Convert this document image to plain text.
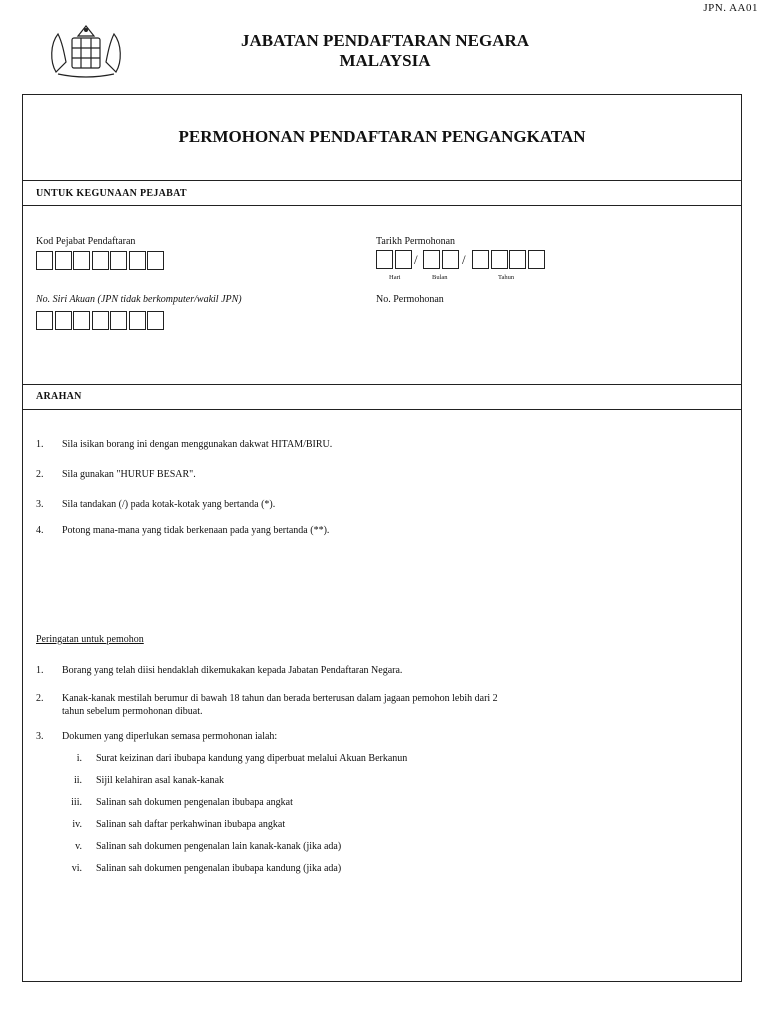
JPN. AA01
JABATAN PENDAFTARAN NEGARA
MALAYSIA
PERMOHONAN PENDAFTARAN PENGANGKATAN
UNTUK KEGUNAAN PEJABAT
Kod Pejabat Pendaftaran	Tarikh Permohonan
/	/
Hari	Bulan	Tahun
No. Siri Akuan (JPN tidak berkomputer/wakil JPN)	No. Permohonan
ARAHAN
1. Sila isikan borang ini dengan menggunakan dakwat HITAM/BIRU.
2. Sila gunakan "HURUF BESAR".
3. Sila tandakan (/) pada kotak-kotak yang bertanda (*).
4. Potong mana-mana yang tidak berkenaan pada yang bertanda (**).
Peringatan untuk pemohon
1. Borang yang telah diisi hendaklah dikemukakan kepada Jabatan Pendaftaran Negara.
2. Kanak-kanak mestilah berumur di bawah 18 tahun dan berada berterusan dalam jagaan pemohon lebih dari 2 tahun sebelum permohonan dibuat.
3. Dokumen yang diperlukan semasa permohonan ialah:
i. Surat keizinan dari ibubapa kandung yang diperbuat melalui Akuan Berkanun
ii. Sijil kelahiran asal kanak-kanak
iii. Salinan sah dokumen pengenalan ibubapa angkat
iv. Salinan sah daftar perkahwinan ibubapa angkat
v. Salinan sah dokumen pengenalan lain kanak-kanak (jika ada)
vi. Salinan sah dokumen pengenalan ibubapa kandung (jika ada)
